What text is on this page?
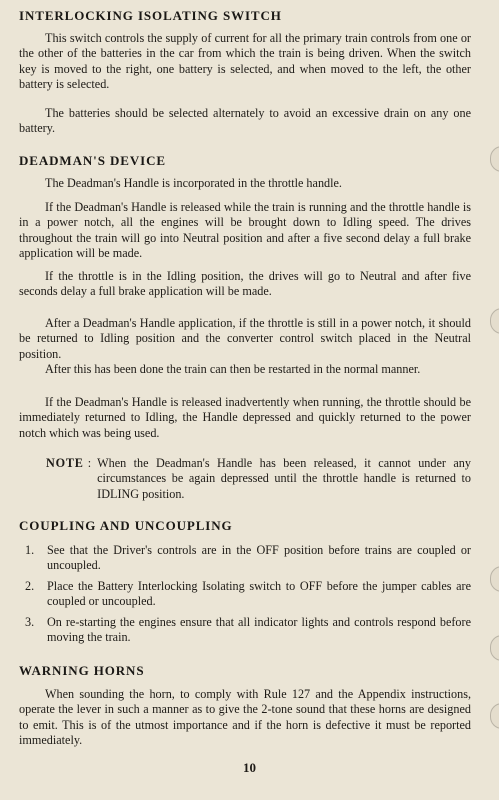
INTERLOCKING ISOLATING SWITCH

This switch controls the supply of current for all the primary train controls from one or the other of the batteries in the car from which the train is being driven. When the switch key is moved to the right, one battery is selected, and when moved to the left, the other battery is selected.

The batteries should be selected alternately to avoid an excessive drain on any one battery.

DEADMAN'S DEVICE

The Deadman's Handle is incorporated in the throttle handle.

If the Deadman's Handle is released while the train is running and the throttle handle is in a power notch, all the engines will be brought down to Idling speed. The drives throughout the train will go into Neutral position and after a five second delay a full brake application will be made.

If the throttle is in the Idling position, the drives will go to Neutral and after five seconds delay a full brake application will be made.

After a Deadman's Handle application, if the throttle is still in a power notch, it should be returned to Idling position and the converter control switch placed in the Neutral position.

After this has been done the train can then be restarted in the normal manner.

If the Deadman's Handle is released inadvertently when running, the throttle should be immediately returned to Idling, the Handle depressed and quickly returned to the power notch which was being used.

NOTE : When the Deadman's Handle has been released, it cannot under any circumstances be again depressed until the throttle handle is returned to IDLING position.
COUPLING AND UNCOUPLING
1.	See that the Driver's controls are in the OFF position before trains are coupled or uncoupled.
2.	Place the Battery Interlocking Isolating switch to OFF before the jumper cables are coupled or uncoupled.
3.	On re-starting the engines ensure that all indicator lights and controls respond before moving the train.
WARNING HORNS

When sounding the horn, to comply with Rule 127 and the Appendix instructions, operate the lever in such a manner as to give the 2-tone sound that these horns are designed to emit. This is of the utmost importance and if the horn is defective it must be reported immediately.

10
